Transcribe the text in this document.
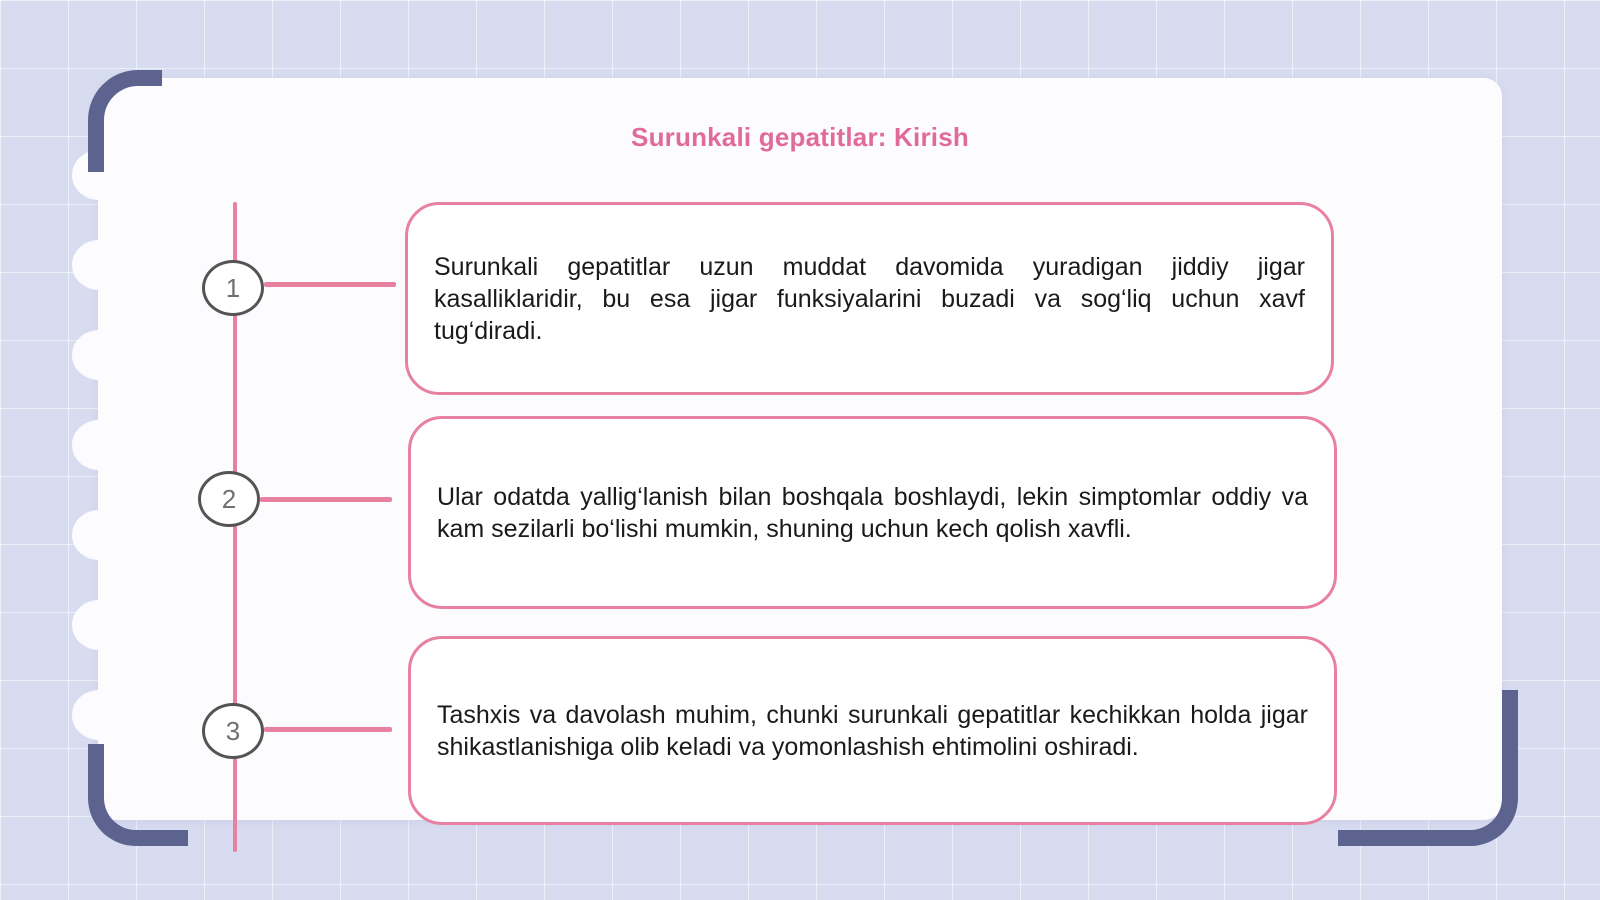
Surunkali gepatitlar: Kirish
1
2
3
Surunkali gepatitlar uzun muddat davomida yuradigan jiddiy jigar kasalliklaridir, bu esa jigar funksiyalarini buzadi va sog‘liq uchun xavf tug‘diradi.
Ular odatda yallig‘lanish bilan boshqala boshlaydi, lekin simptomlar oddiy va kam sezilarli bo‘lishi mumkin, shuning uchun kech qolish xavfli.
Tashxis va davolash muhim, chunki surunkali gepatitlar kechikkan holda jigar shikastlanishiga olib keladi va yomonlashish ehtimolini oshiradi.
